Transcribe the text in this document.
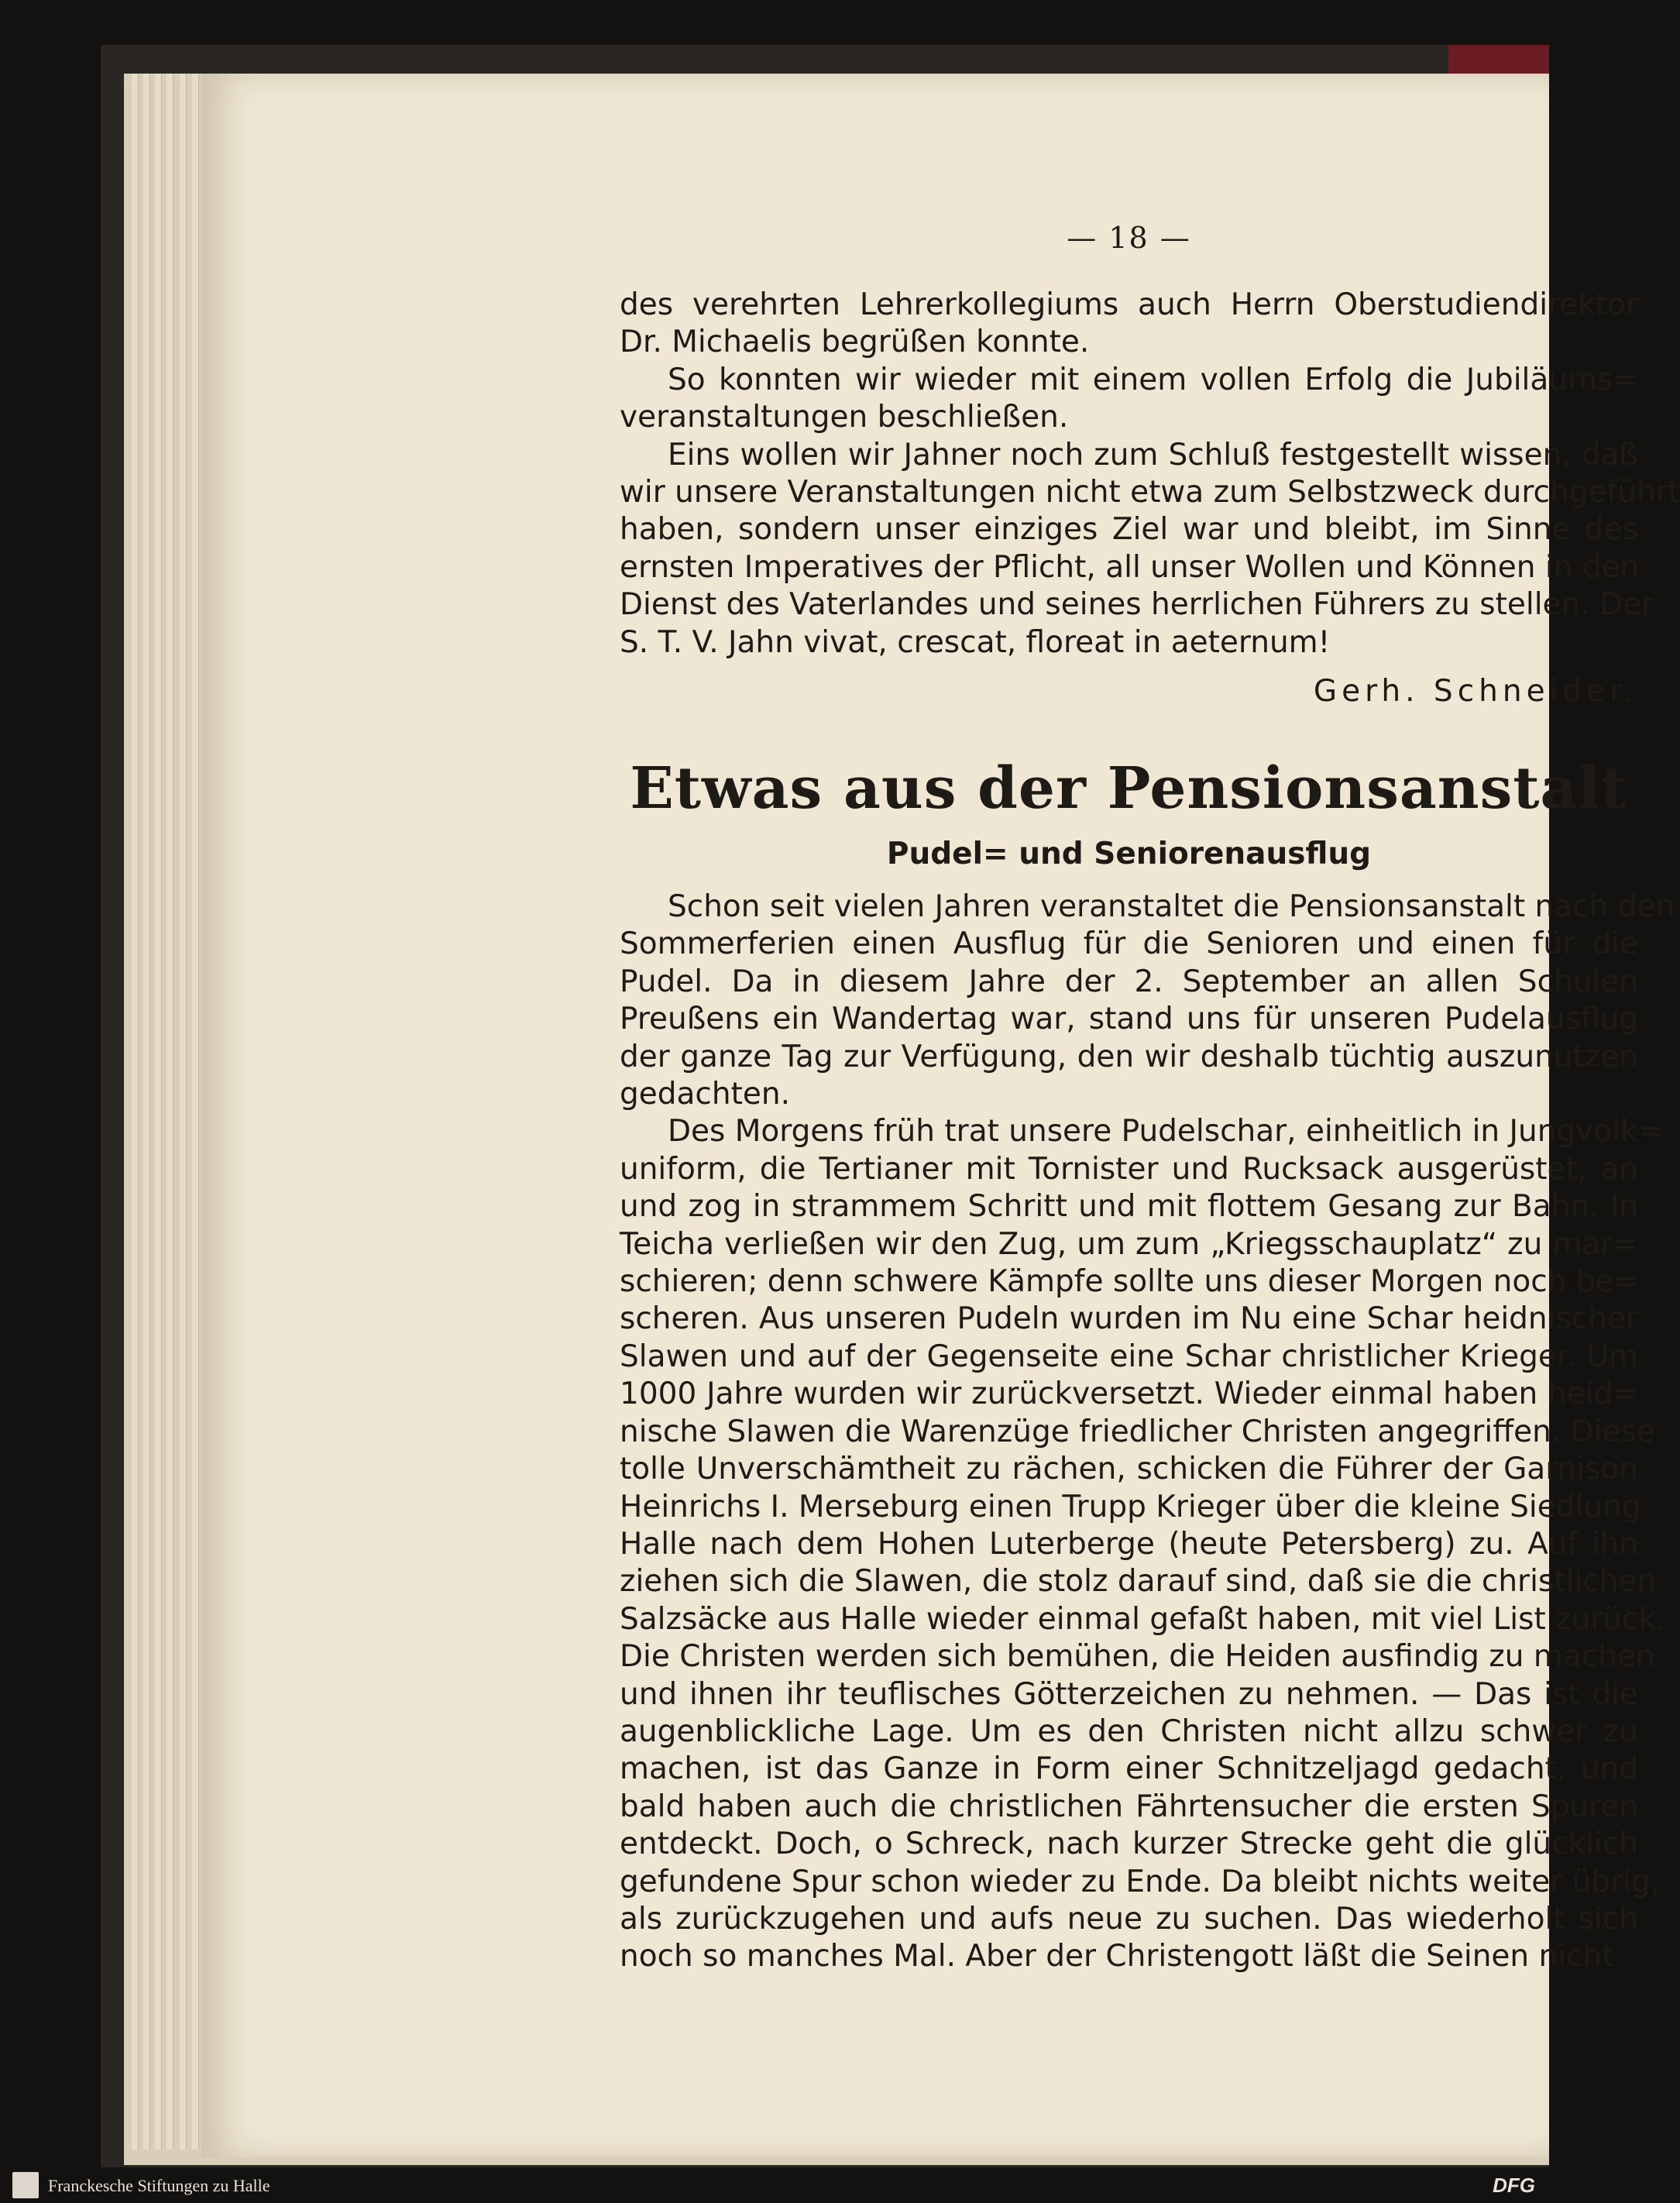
— 18 —
des verehrten Lehrerkollegiums auch Herrn Oberstudiendirektor
Dr. Michaelis begrüßen konnte.
So konnten wir wieder mit einem vollen Erfolg die Jubiläums=
veranstaltungen beschließen.
Eins wollen wir Jahner noch zum Schluß festgestellt wissen, daß
wir unsere Veranstaltungen nicht etwa zum Selbstzweck durchgeführt
haben, sondern unser einziges Ziel war und bleibt, im Sinne des
ernsten Imperatives der Pflicht, all unser Wollen und Können in den
Dienst des Vaterlandes und seines herrlichen Führers zu stellen. Der
S. T. V. Jahn vivat, crescat, floreat in aeternum!
Gerh. Schneider.
Etwas aus der Pensionsanstalt
Pudel= und Seniorenausflug
Schon seit vielen Jahren veranstaltet die Pensionsanstalt nach den
Sommerferien einen Ausflug für die Senioren und einen für die
Pudel. Da in diesem Jahre der 2. September an allen Schulen
Preußens ein Wandertag war, stand uns für unseren Pudelausflug
der ganze Tag zur Verfügung, den wir deshalb tüchtig auszunutzen
gedachten.
Des Morgens früh trat unsere Pudelschar, einheitlich in Jungvolk=
uniform, die Tertianer mit Tornister und Rucksack ausgerüstet, an
und zog in strammem Schritt und mit flottem Gesang zur Bahn. In
Teicha verließen wir den Zug, um zum „Kriegsschauplatz“ zu mar=
schieren; denn schwere Kämpfe sollte uns dieser Morgen noch be=
scheren. Aus unseren Pudeln wurden im Nu eine Schar heidnischer
Slawen und auf der Gegenseite eine Schar christlicher Krieger. Um
1000 Jahre wurden wir zurückversetzt. Wieder einmal haben heid=
nische Slawen die Warenzüge friedlicher Christen angegriffen. Diese
tolle Unverschämtheit zu rächen, schicken die Führer der Garnison
Heinrichs I. Merseburg einen Trupp Krieger über die kleine Siedlung
Halle nach dem Hohen Luterberge (heute Petersberg) zu. Auf ihn
ziehen sich die Slawen, die stolz darauf sind, daß sie die christlichen
Salzsäcke aus Halle wieder einmal gefaßt haben, mit viel List zurück.
Die Christen werden sich bemühen, die Heiden ausfindig zu machen
und ihnen ihr teuflisches Götterzeichen zu nehmen. — Das ist die
augenblickliche Lage. Um es den Christen nicht allzu schwer zu
machen, ist das Ganze in Form einer Schnitzeljagd gedacht, und
bald haben auch die christlichen Fährtensucher die ersten Spuren
entdeckt. Doch, o Schreck, nach kurzer Strecke geht die glücklich
gefundene Spur schon wieder zu Ende. Da bleibt nichts weiter übrig,
als zurückzugehen und aufs neue zu suchen. Das wiederholt sich
noch so manches Mal. Aber der Christengott läßt die Seinen nicht
Franckesche Stiftungen zu Halle	DFG
